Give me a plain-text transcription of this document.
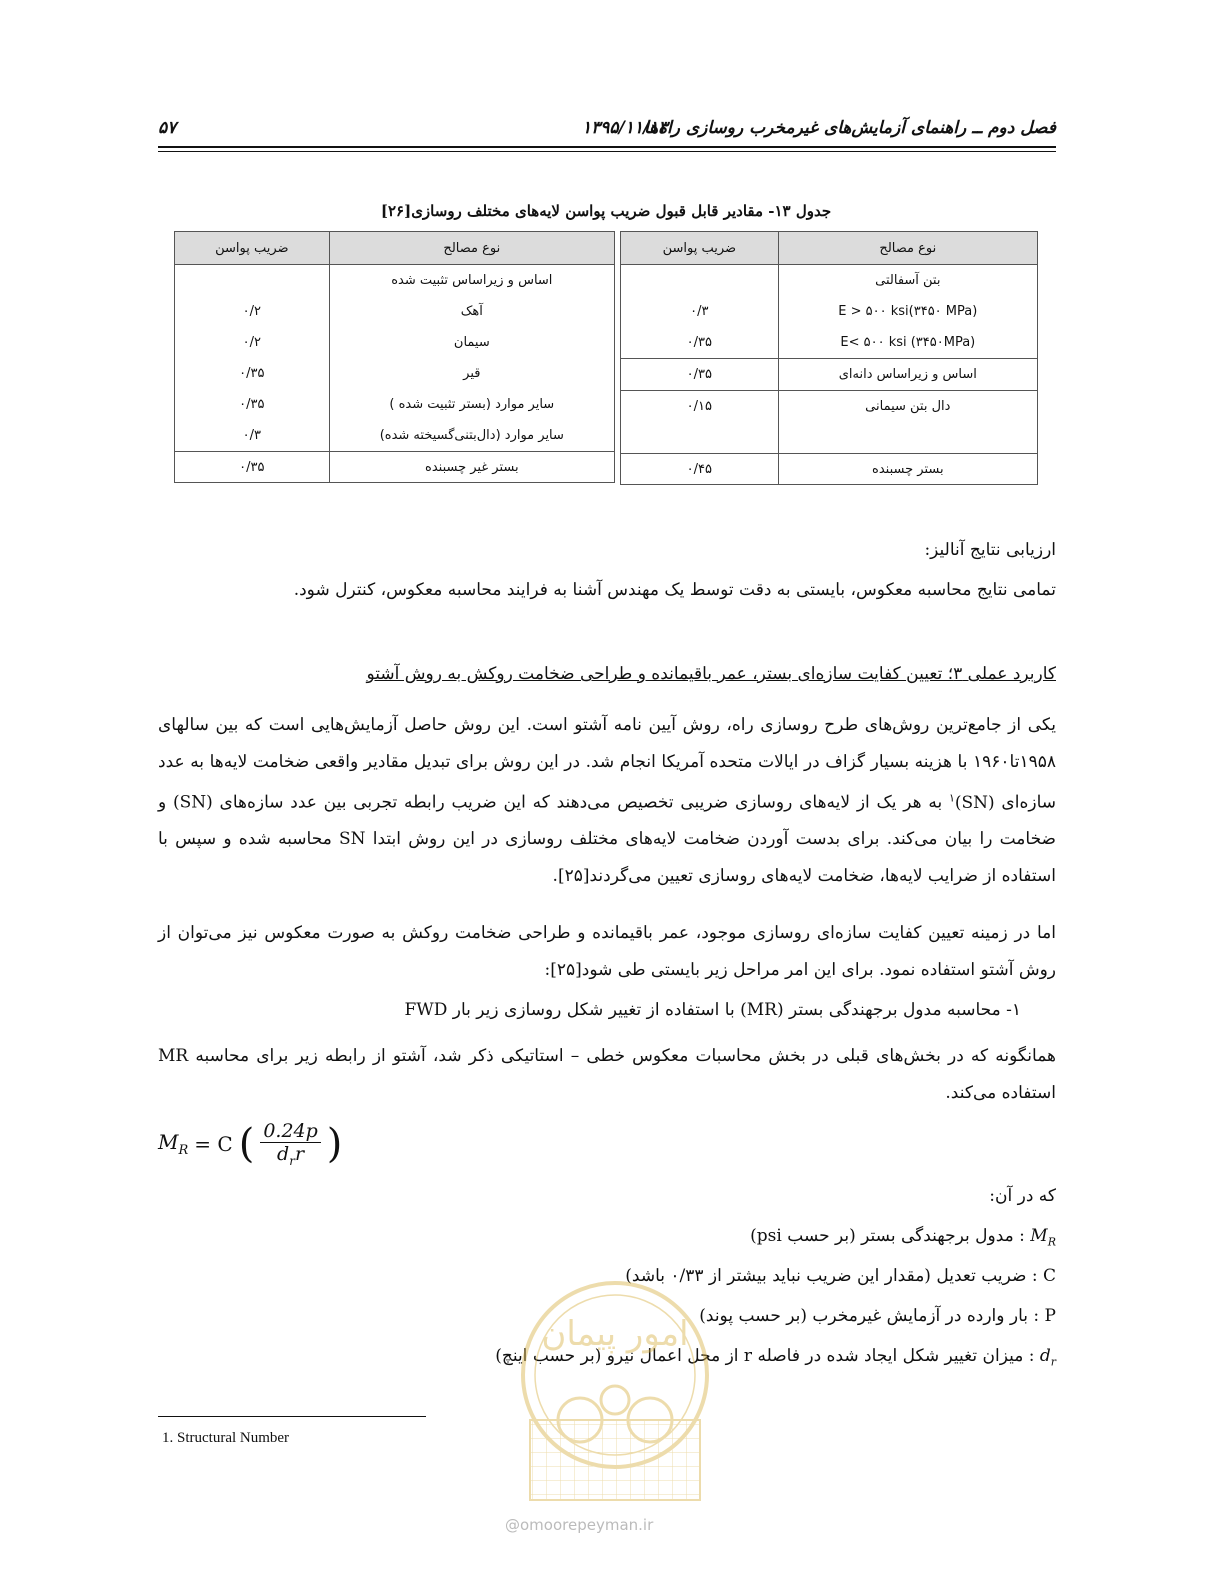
فصل دوم ــ راهنمای آزمایش‌های غیرمخرب روسازی راه‌ها
۱۳۹۵/۱۱/۱۳
۵۷
جدول ۱۳- مقادیر قابل قبول ضریب پواسن لایه‌های مختلف روسازی[۲۶]
نوع مصالح	ضریب پواسن
بتن آسفالتی	
E > ۵۰۰ ksi(۳۴۵۰ MPa)	۰/۳
E< ۵۰۰ ksi (۳۴۵۰MPa)	۰/۳۵
اساس و زیراساس دانه‌ای	۰/۳۵
دال بتن سیمانی	۰/۱۵

بستر چسبنده	۰/۴۵
نوع مصالح	ضریب پواسن
اساس و زیراساس تثبیت شده	
آهک	۰/۲
سیمان	۰/۲
قیر	۰/۳۵
سایر موارد (بستر تثبیت شده )	۰/۳۵
سایر موارد (دال‌بتنی‌گسیخته شده)	۰/۳
بستر غیر چسبنده	۰/۳۵
ارزیابی نتایج آنالیز:
تمامی نتایج محاسبه معکوس، بایستی به دقت توسط یک مهندس آشنا به فرایند محاسبه معکوس، کنترل شود.
کاربرد عملی ۳؛ تعیین کفایت سازه‌ای بستر، عمر باقیمانده و طراحی ضخامت روکش به روش آشتو
یکی از جامع‌ترین روش‌های طرح روسازی راه، روش آیین نامه آشتو است. این روش حاصل آزمایش‌هایی است که بین سالهای ۱۹۵۸تا۱۹۶۰ با هزینه بسیار گزاف در ایالات متحده آمریکا انجام شد. در این روش برای تبدیل مقادیر واقعی ضخامت لایه‌ها به عدد سازه‌ای (SN)$^۱$ به هر یک از لایه‌های روسازی ضریبی تخصیص می‌دهند که این ضریب رابطه تجربی بین عدد سازه‌های (SN) و ضخامت را بیان می‌کند. برای بدست آوردن ضخامت لایه‌های مختلف روسازی در این روش ابتدا SN محاسبه شده و سپس با استفاده از ضرایب لایه‌ها، ضخامت لایه‌های روسازی تعیین می‌گردند[۲۵].
اما در زمینه تعیین کفایت سازه‌ای روسازی موجود، عمر باقیمانده و طراحی ضخامت روکش به صورت معکوس نیز می‌توان از روش آشتو استفاده نمود. برای این امر مراحل زیر بایستی طی شود[۲۵]:
۱- محاسبه مدول برجهندگی بستر (MR) با استفاده از تغییر شکل روسازی زیر بار FWD
همانگونه که در بخش‌های قبلی در بخش محاسبات معکوس خطی – استاتیکی ذکر شد، آشتو از رابطه زیر برای محاسبه MR استفاده می‌کند.
$M_R = C$ ( $\frac{0.24p}{d_rr}$ )
که در آن:
$M_R$ : مدول برجهندگی بستر (بر حسب psi)
C : ضریب تعدیل (مقدار این ضریب نباید بیشتر از ۰/۳۳ باشد)
P : بار وارده در آزمایش غیرمخرب (بر حسب پوند)
$d_r$ : میزان تغییر شکل ایجاد شده در فاصله r از محل اعمال نیرو (بر حسب اینچ)
1. Structural Number
امور پیمان
@omoorepeyman.ir
